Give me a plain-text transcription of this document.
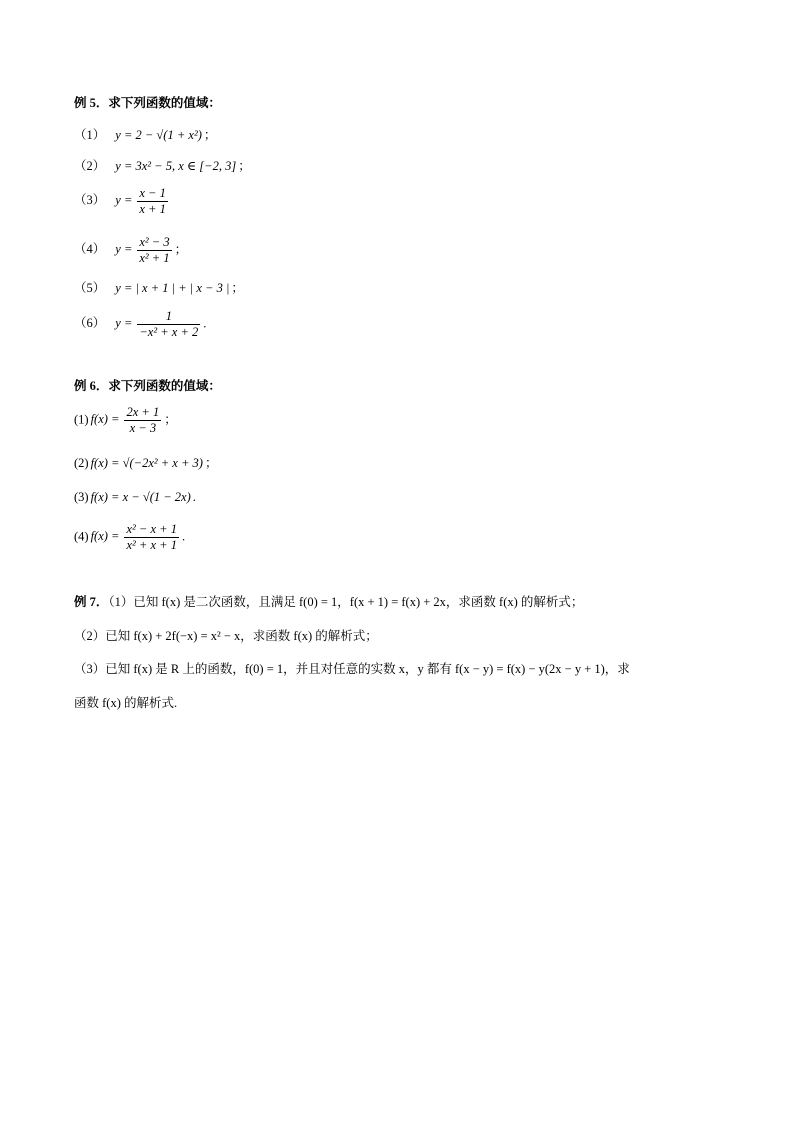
例 5．求下列函数的值域：
（1） y = 2 − √(1 + x²) ；
（2） y = 3x² − 5, x ∈ [−2, 3] ；
（3） $y = \frac{x - 1}{x + 1}$
（4） $y = \frac{\text{x² − 3}}{\text{x² + 1}}$ ；
（5） y = | x + 1 | + | x − 3 | ；
（6） $y = \frac{1}{\text{−x² + x + 2}}$ .
例 6．求下列函数的值域：
(1) $f(x) = \frac{2x + 1}{x - 3}$ ；
(2) f(x) = √(−2x² + x + 3) ；
(3) f(x) = x − √(1 − 2x) .
(4) $f(x) = \frac{\text{x² − x + 1}}{\text{x² + x + 1}}$ .
例 7．（1）已知 f(x) 是二次函数，且满足 f(0) = 1，f(x + 1) = f(x) + 2x，求函数 f(x) 的解析式；
（2）已知 f(x) + 2f(−x) = x² − x，求函数 f(x) 的解析式；
（3）已知 f(x) 是 R 上的函数，f(0) = 1，并且对任意的实数 x，y 都有 f(x − y) = f(x) − y(2x − y + 1)，求
函数 f(x) 的解析式.
